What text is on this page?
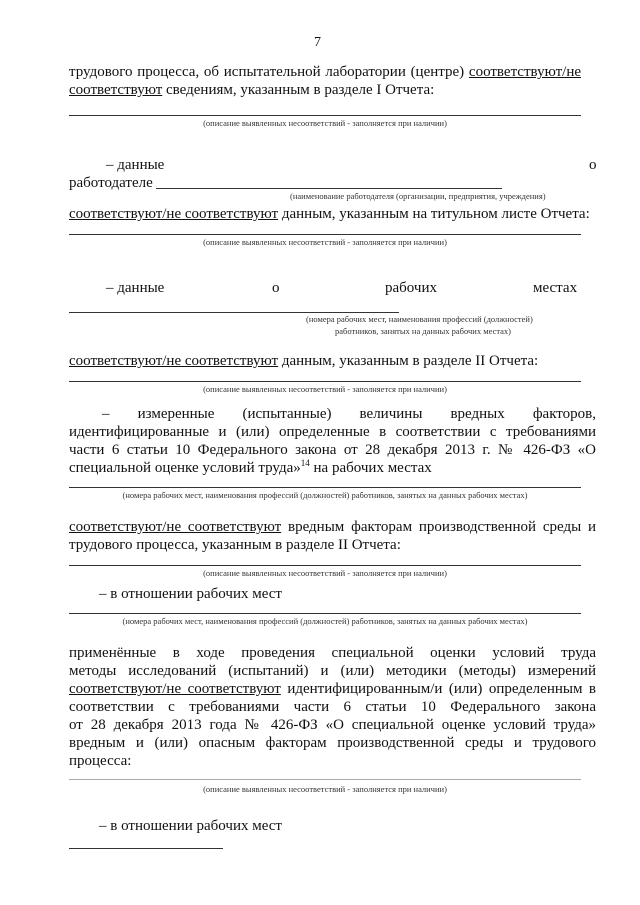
7
трудового процесса, об испытательной лаборатории (центре) соответствуют/не
соответствуют сведениям, указанным в разделе I Отчета:
(описание выявленных несоответствий - заполняется при наличии)
– данные	о
работодателе
(наименование работодателя (организации, предприятия, учреждения)
соответствуют/не соответствуют данным, указанным на титульном листе Отчета:
(описание выявленных несоответствий - заполняется при наличии)
– данные	о	рабочих	местах
(номера рабочих мест, наименования профессий (должностей)
работников, занятых на данных рабочих местах)
соответствуют/не соответствуют данным, указанным в разделе II Отчета:
(описание выявленных несоответствий - заполняется при наличии)
– измеренные (испытанные) величины вредных факторов,
идентифицированные и (или) определенные в соответствии с требованиями
части 6 статьи 10 Федерального закона от 28 декабря 2013 г. № 426-ФЗ «О
специальной оценке условий труда»$^{14}$ на рабочих местах
(номера рабочих мест, наименования профессий (должностей) работников, занятых на данных рабочих местах)
соответствуют/не соответствуют вредным факторам производственной среды и
трудового процесса, указанным в разделе II Отчета:
(описание выявленных несоответствий - заполняется при наличии)
– в отношении рабочих мест
(номера рабочих мест, наименования профессий (должностей) работников, занятых на данных рабочих местах)
применённые в ходе проведения специальной оценки условий труда
методы исследований (испытаний) и (или) методики (методы) измерений
соответствуют/не соответствуют идентифицированным/и (или) определенным в
соответствии с требованиями части 6 статьи 10 Федерального закона
от 28 декабря 2013 года № 426-ФЗ «О специальной оценке условий труда»
вредным и (или) опасным факторам производственной среды и трудового
процесса:
(описание выявленных несоответствий - заполняется при наличии)
– в отношении рабочих мест
